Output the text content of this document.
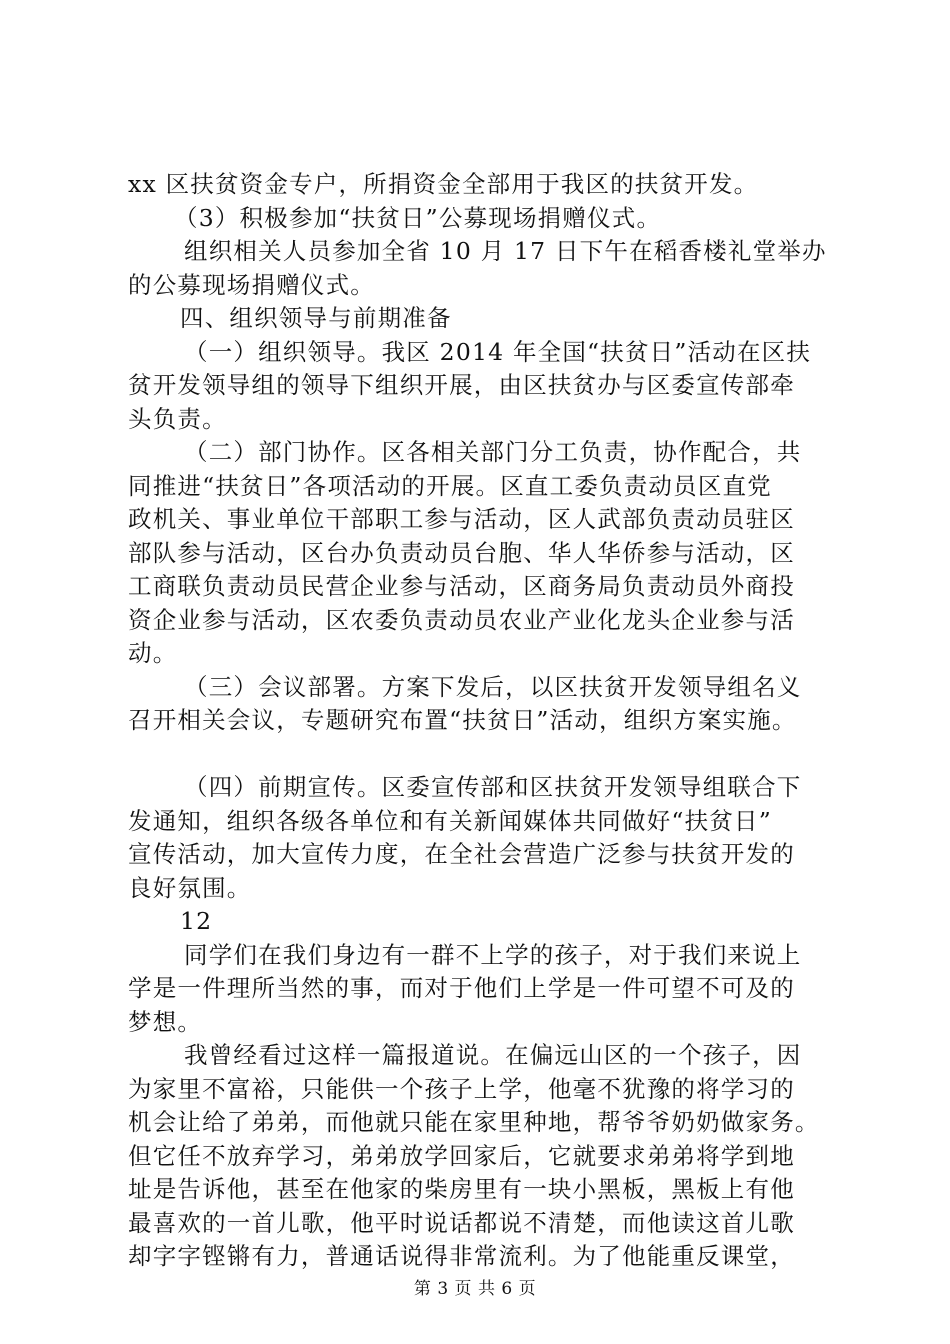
xx 区扶贫资金专户，所捐资金全部用于我区的扶贫开发。
（3）积极参加“扶贫日”公募现场捐赠仪式。
组织相关人员参加全省 10 月 17 日下午在稻香楼礼堂举办
的公募现场捐赠仪式。
四、组织领导与前期准备
（一）组织领导。我区 2014 年全国“扶贫日”活动在区扶
贫开发领导组的领导下组织开展，由区扶贫办与区委宣传部牵
头负责。
（二）部门协作。区各相关部门分工负责，协作配合，共
同推进“扶贫日”各项活动的开展。区直工委负责动员区直党
政机关、事业单位干部职工参与活动，区人武部负责动员驻区
部队参与活动，区台办负责动员台胞、华人华侨参与活动，区
工商联负责动员民营企业参与活动，区商务局负责动员外商投
资企业参与活动，区农委负责动员农业产业化龙头企业参与活
动。
（三）会议部署。方案下发后，以区扶贫开发领导组名义
召开相关会议，专题研究布置“扶贫日”活动，组织方案实施。
（四）前期宣传。区委宣传部和区扶贫开发领导组联合下
发通知，组织各级各单位和有关新闻媒体共同做好“扶贫日”
宣传活动，加大宣传力度，在全社会营造广泛参与扶贫开发的
良好氛围。
12
同学们在我们身边有一群不上学的孩子，对于我们来说上
学是一件理所当然的事，而对于他们上学是一件可望不可及的
梦想。
我曾经看过这样一篇报道说。在偏远山区的一个孩子，因
为家里不富裕，只能供一个孩子上学，他毫不犹豫的将学习的
机会让给了弟弟，而他就只能在家里种地，帮爷爷奶奶做家务。
但它任不放弃学习，弟弟放学回家后，它就要求弟弟将学到地
址是告诉他，甚至在他家的柴房里有一块小黑板，黑板上有他
最喜欢的一首儿歌，他平时说话都说不清楚，而他读这首儿歌
却字字铿锵有力，普通话说得非常流利。为了他能重反课堂，
第 3 页 共 6 页
